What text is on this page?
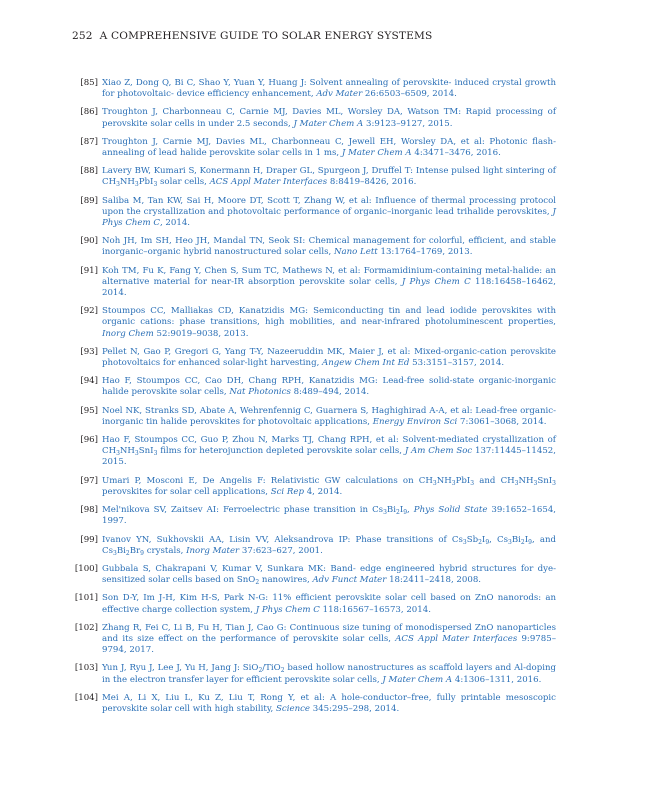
252 A COMPREHENSIVE GUIDE TO SOLAR ENERGY SYSTEMS
[85] Xiao Z, Dong Q, Bi C, Shao Y, Yuan Y, Huang J: Solvent annealing of perovskite- induced crystal growth for photovoltaic- device efficiency enhancement, Adv Mater 26:6503–6509, 2014.
[86] Troughton J, Charbonneau C, Carnie MJ, Davies ML, Worsley DA, Watson TM: Rapid processing of perovskite solar cells in under 2.5 seconds, J Mater Chem A 3:9123–9127, 2015.
[87] Troughton J, Carnie MJ, Davies ML, Charbonneau C, Jewell EH, Worsley DA, et al: Photonic flash-annealing of lead halide perovskite solar cells in 1 ms, J Mater Chem A 4:3471–3476, 2016.
[88] Lavery BW, Kumari S, Konermann H, Draper GL, Spurgeon J, Druffel T: Intense pulsed light sintering of $CH_3NH_3PbI_3$ solar cells, ACS Appl Mater Interfaces 8:8419–8426, 2016.
[89] Saliba M, Tan KW, Sai H, Moore DT, Scott T, Zhang W, et al: Influence of thermal processing protocol upon the crystallization and photovoltaic performance of organic–inorganic lead trihalide perovskites, J Phys Chem C, 2014.
[90] Noh JH, Im SH, Heo JH, Mandal TN, Seok SI: Chemical management for colorful, efficient, and stable inorganic–organic hybrid nanostructured solar cells, Nano Lett 13:1764–1769, 2013.
[91] Koh TM, Fu K, Fang Y, Chen S, Sum TC, Mathews N, et al: Formamidinium-containing metal-halide: an alternative material for near-IR absorption perovskite solar cells, J Phys Chem C 118:16458–16462, 2014.
[92] Stoumpos CC, Malliakas CD, Kanatzidis MG: Semiconducting tin and lead iodide perovskites with organic cations: phase transitions, high mobilities, and near-infrared photoluminescent properties, Inorg Chem 52:9019–9038, 2013.
[93] Pellet N, Gao P, Gregori G, Yang T-Y, Nazeeruddin MK, Maier J, et al: Mixed-organic-cation perovskite photovoltaics for enhanced solar-light harvesting, Angew Chem Int Ed 53:3151–3157, 2014.
[94] Hao F, Stoumpos CC, Cao DH, Chang RPH, Kanatzidis MG: Lead-free solid-state organic-inorganic halide perovskite solar cells, Nat Photonics 8:489–494, 2014.
[95] Noel NK, Stranks SD, Abate A, Wehrenfennig C, Guarnera S, Haghighirad A-A, et al: Lead-free organic-inorganic tin halide perovskites for photovoltaic applications, Energy Environ Sci 7:3061–3068, 2014.
[96] Hao F, Stoumpos CC, Guo P, Zhou N, Marks TJ, Chang RPH, et al: Solvent-mediated crystallization of $CH_3NH_3SnI_3$ films for heterojunction depleted perovskite solar cells, J Am Chem Soc 137:11445–11452, 2015.
[97] Umari P, Mosconi E, De Angelis F: Relativistic GW calculations on $CH_3NH_3PbI_3$ and $CH_3NH_3SnI_3$ perovskites for solar cell applications, Sci Rep 4, 2014.
[98] Mel'nikova SV, Zaitsev AI: Ferroelectric phase transition in $Cs_3Bi_2I_9$, Phys Solid State 39:1652–1654, 1997.
[99] Ivanov YN, Sukhovskii AA, Lisin VV, Aleksandrova IP: Phase transitions of $Cs_3Sb_2I_9$, $Cs_3Bi_2I_9$, and $Cs_3Bi_2Br_9$ crystals, Inorg Mater 37:623–627, 2001.
[100] Gubbala S, Chakrapani V, Kumar V, Sunkara MK: Band- edge engineered hybrid structures for dye-sensitized solar cells based on SnO$_2$ nanowires, Adv Funct Mater 18:2411–2418, 2008.
[101] Son D-Y, Im J-H, Kim H-S, Park N-G: 11% efficient perovskite solar cell based on ZnO nanorods: an effective charge collection system, J Phys Chem C 118:16567–16573, 2014.
[102] Zhang R, Fei C, Li B, Fu H, Tian J, Cao G: Continuous size tuning of monodispersed ZnO nanoparticles and its size effect on the performance of perovskite solar cells, ACS Appl Mater Interfaces 9:9785–9794, 2017.
[103] Yun J, Ryu J, Lee J, Yu H, Jang J: SiO$_2$/TiO$_2$ based hollow nanostructures as scaffold layers and Al-doping in the electron transfer layer for efficient perovskite solar cells, J Mater Chem A 4:1306–1311, 2016.
[104] Mei A, Li X, Liu L, Ku Z, Liu T, Rong Y, et al: A hole-conductor–free, fully printable mesoscopic perovskite solar cell with high stability, Science 345:295–298, 2014.
